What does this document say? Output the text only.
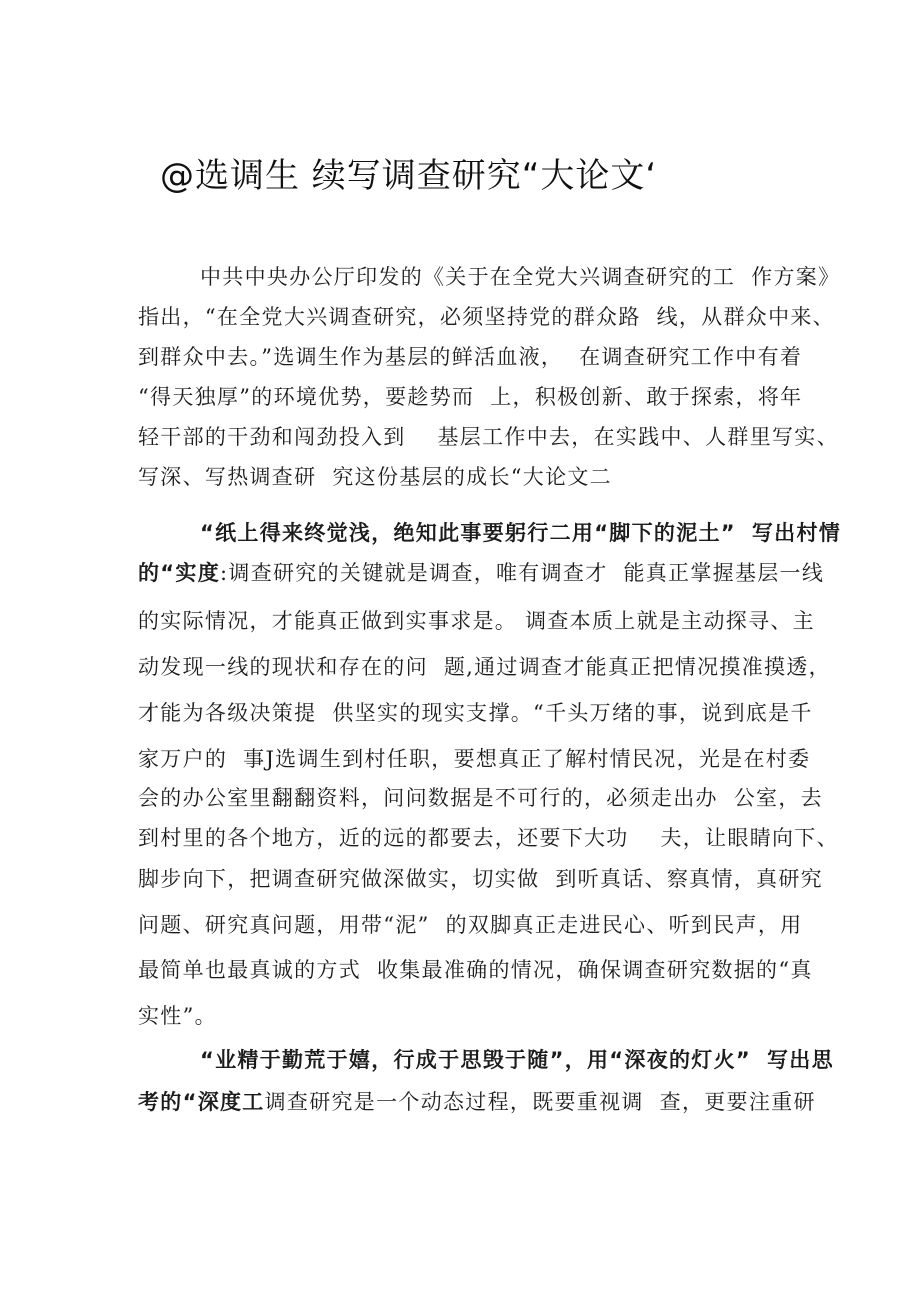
@选调生 续写调查研究“大论文‘
中共中央办公厅印发的《关于在全党大兴调查研究的工  作方案》
指出，“在全党大兴调查研究，必须坚持党的群众路  线，从群众中来、
到群众中去。”选调生作为基层的鲜活血液，  在调查研究工作中有着
“得天独厚”的环境优势，要趁势而  上，积极创新、敢于探索，将年
轻干部的干劲和闯劲投入到    基层工作中去，在实践中、人群里写实、
写深、写热调查研  究这份基层的成长“大论文二
“纸上得来终觉浅，绝知此事要躬行二用“脚下的泥土” 写出村情
的“实度:调查研究的关键就是调查，唯有调查才  能真正掌握基层一线
的实际情况，才能真正做到实事求是。 调查本质上就是主动探寻、主
动发现一线的现状和存在的问  题,通过调查才能真正把情况摸准摸透，
才能为各级决策提  供坚实的现实支撑。“千头万绪的事，说到底是千
家万户的  事J选调生到村任职，要想真正了解村情民况，光是在村委
会的办公室里翻翻资料，问问数据是不可行的，必须走出办  公室，去
到村里的各个地方，近的远的都要去，还要下大功    夫，让眼睛向下、
脚步向下，把调查研究做深做实，切实做  到听真话、察真情，真研究
问题、研究真问题，用带“泥”  的双脚真正走进民心、听到民声，用
最简单也最真诚的方式  收集最准确的情况，确保调查研究数据的“真
实性”。
“业精于勤荒于嬉，行成于思毁于随”，用“深夜的灯火” 写出思
考的“深度工调查研究是一个动态过程，既要重视调  查，更要注重研
